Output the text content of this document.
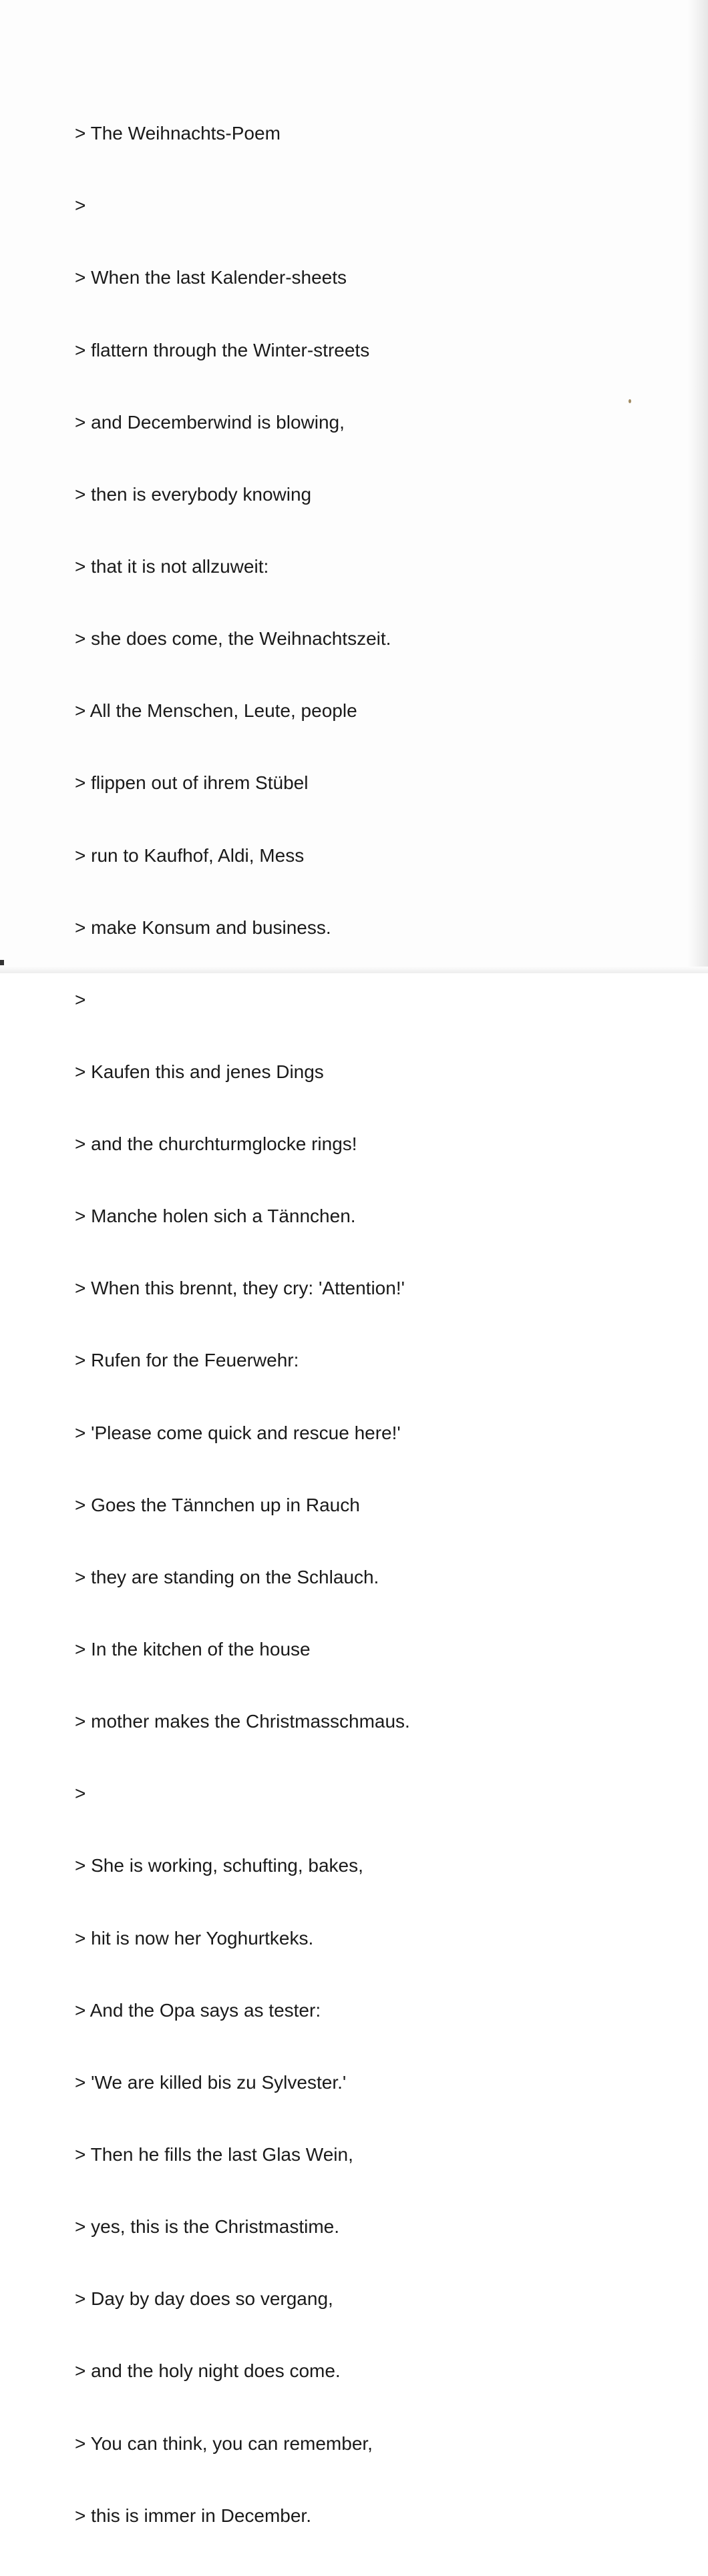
> The Weihnachts-Poem

>

> When the last Kalender-sheets

> flattern through the Winter-streets

> and Decemberwind is blowing,

> then is everybody knowing

> that it is not allzuweit:

> she does come, the Weihnachtszeit.

> All the Menschen, Leute, people

> flippen out of ihrem Stübel

> run to Kaufhof, Aldi, Mess

> make Konsum and business.

>

> Kaufen this and jenes Dings

> and the churchturmglocke rings!

> Manche holen sich a Tännchen.

> When this brennt, they cry: 'Attention!'

> Rufen for the Feuerwehr:

> 'Please come quick and rescue here!'

> Goes the Tännchen up in Rauch

> they are standing on the Schlauch.

> In the kitchen of the house

> mother makes the Christmasschmaus.

>

> She is working, schufting, bakes,

> hit is now her Yoghurtkeks.

> And the Opa says as tester:

> 'We are killed bis zu Sylvester.'

> Then he fills the last Glas Wein,

> yes, this is the Christmastime.

> Day by day does so vergang,

> and the holy night does come.

> You can think, you can remember,

> this is immer in December.
